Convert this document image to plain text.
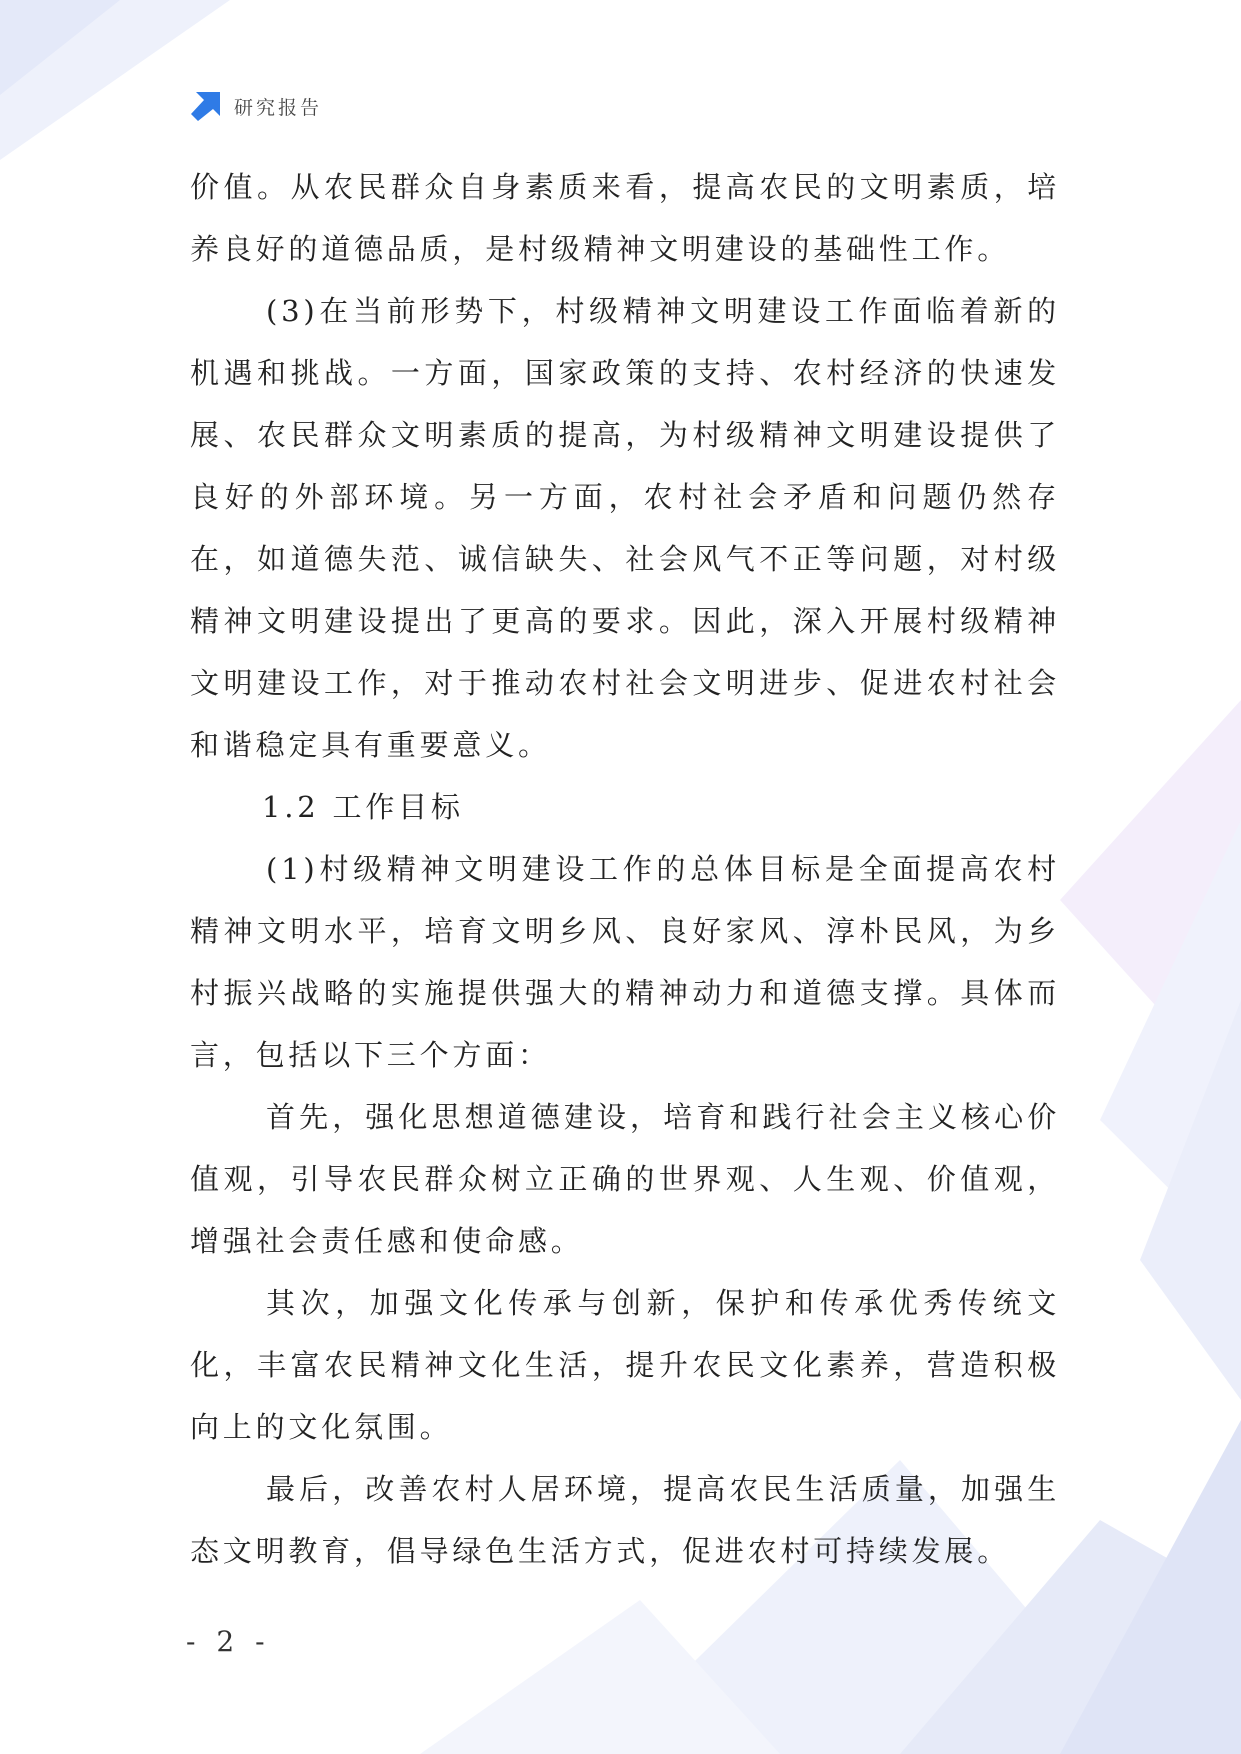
研究报告

价值。从农民群众自身素质来看，提高农民的文明素质，培养良好的道德品质，是村级精神文明建设的基础性工作。

(3)在当前形势下，村级精神文明建设工作面临着新的机遇和挑战。一方面，国家政策的支持、农村经济的快速发展、农民群众文明素质的提高，为村级精神文明建设提供了良好的外部环境。另一方面，农村社会矛盾和问题仍然存在，如道德失范、诚信缺失、社会风气不正等问题，对村级精神文明建设提出了更高的要求。因此，深入开展村级精神文明建设工作，对于推动农村社会文明进步、促进农村社会和谐稳定具有重要意义。

1.2 工作目标

(1)村级精神文明建设工作的总体目标是全面提高农村精神文明水平，培育文明乡风、良好家风、淳朴民风，为乡村振兴战略的实施提供强大的精神动力和道德支撑。具体而言，包括以下三个方面：

首先，强化思想道德建设，培育和践行社会主义核心价值观，引导农民群众树立正确的世界观、人生观、价值观，增强社会责任感和使命感。

其次，加强文化传承与创新，保护和传承优秀传统文化，丰富农民精神文化生活，提升农民文化素养，营造积极向上的文化氛围。

最后，改善农村人居环境，提高农民生活质量，加强生态文明教育，倡导绿色生活方式，促进农村可持续发展。

- 2 -
